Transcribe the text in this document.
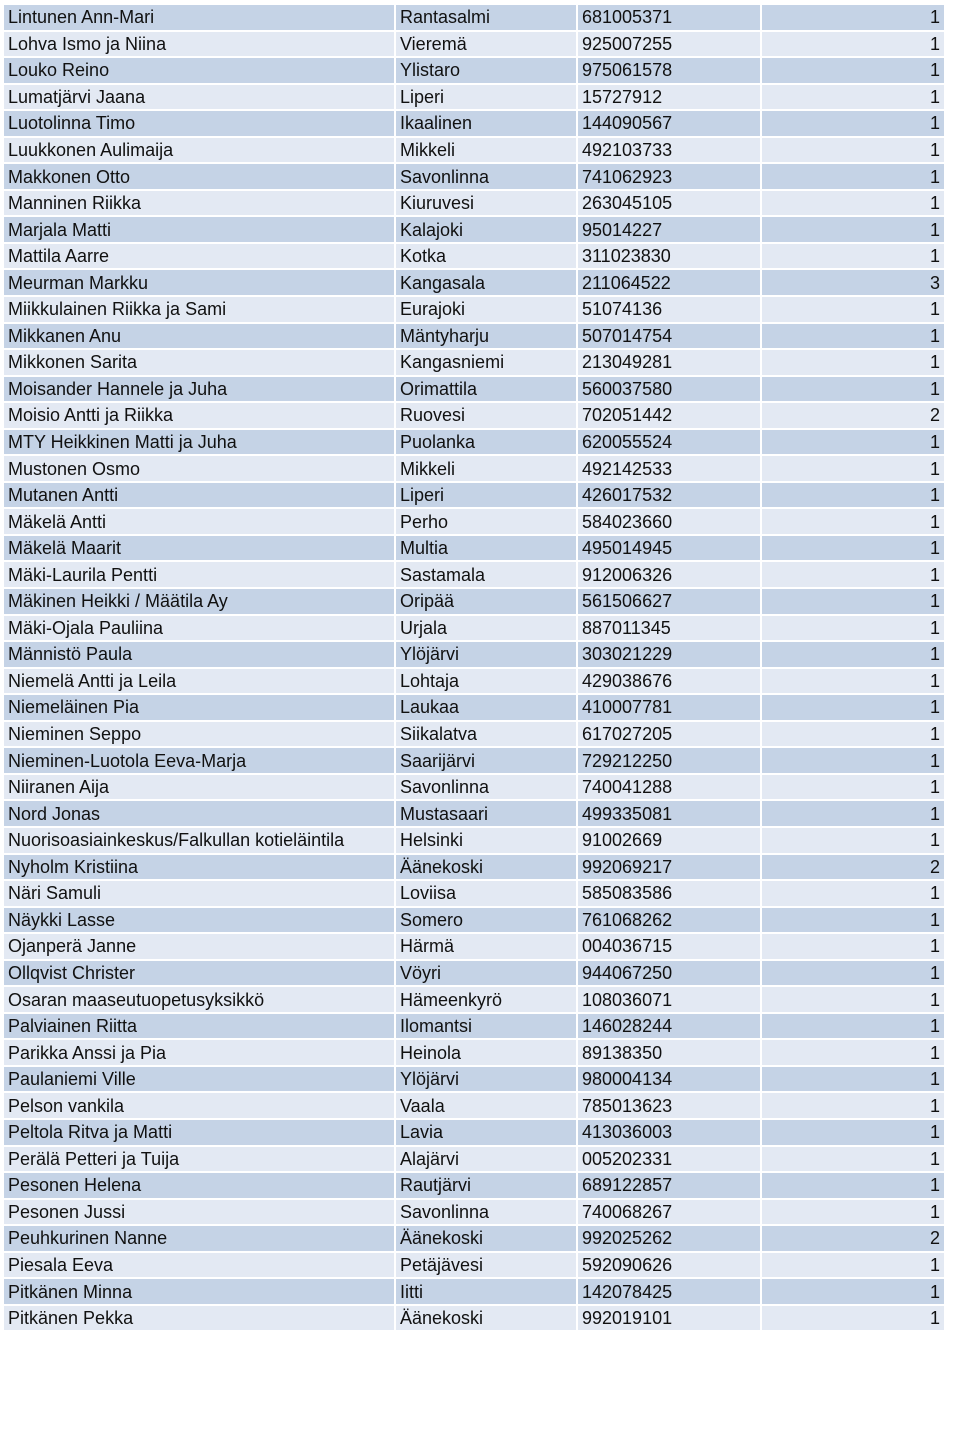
Lintunen Ann-Mari	Rantasalmi	681005371	1
Lohva Ismo ja Niina	Vieremä	925007255	1
Louko Reino	Ylistaro	975061578	1
Lumatjärvi Jaana	Liperi	15727912	1
Luotolinna Timo	Ikaalinen	144090567	1
Luukkonen Aulimaija	Mikkeli	492103733	1
Makkonen Otto	Savonlinna	741062923	1
Manninen Riikka	Kiuruvesi	263045105	1
Marjala Matti	Kalajoki	95014227	1
Mattila Aarre	Kotka	311023830	1
Meurman Markku	Kangasala	211064522	3
Miikkulainen Riikka ja Sami	Eurajoki	51074136	1
Mikkanen Anu	Mäntyharju	507014754	1
Mikkonen Sarita	Kangasniemi	213049281	1
Moisander Hannele ja Juha	Orimattila	560037580	1
Moisio Antti ja Riikka	Ruovesi	702051442	2
MTY Heikkinen Matti ja Juha	Puolanka	620055524	1
Mustonen Osmo	Mikkeli	492142533	1
Mutanen Antti	Liperi	426017532	1
Mäkelä Antti	Perho	584023660	1
Mäkelä Maarit	Multia	495014945	1
Mäki-Laurila Pentti	Sastamala	912006326	1
Mäkinen Heikki / Määtila Ay	Oripää	561506627	1
Mäki-Ojala Pauliina	Urjala	887011345	1
Männistö Paula	Ylöjärvi	303021229	1
Niemelä Antti ja Leila	Lohtaja	429038676	1
Niemeläinen Pia	Laukaa	410007781	1
Nieminen Seppo	Siikalatva	617027205	1
Nieminen-Luotola Eeva-Marja	Saarijärvi	729212250	1
Niiranen Aija	Savonlinna	740041288	1
Nord Jonas	Mustasaari	499335081	1
Nuorisoasiainkeskus/Falkullan kotieläintila	Helsinki	91002669	1
Nyholm Kristiina	Äänekoski	992069217	2
Näri Samuli	Loviisa	585083586	1
Näykki Lasse	Somero	761068262	1
Ojanperä Janne	Härmä	004036715	1
Ollqvist Christer	Vöyri	944067250	1
Osaran maaseutuopetusyksikkö	Hämeenkyrö	108036071	1
Palviainen Riitta	Ilomantsi	146028244	1
Parikka Anssi ja Pia	Heinola	89138350	1
Paulaniemi Ville	Ylöjärvi	980004134	1
Pelson vankila	Vaala	785013623	1
Peltola Ritva ja Matti	Lavia	413036003	1
Perälä Petteri ja Tuija	Alajärvi	005202331	1
Pesonen Helena	Rautjärvi	689122857	1
Pesonen Jussi	Savonlinna	740068267	1
Peuhkurinen Nanne	Äänekoski	992025262	2
Piesala Eeva	Petäjävesi	592090626	1
Pitkänen Minna	Iitti	142078425	1
Pitkänen Pekka	Äänekoski	992019101	1
